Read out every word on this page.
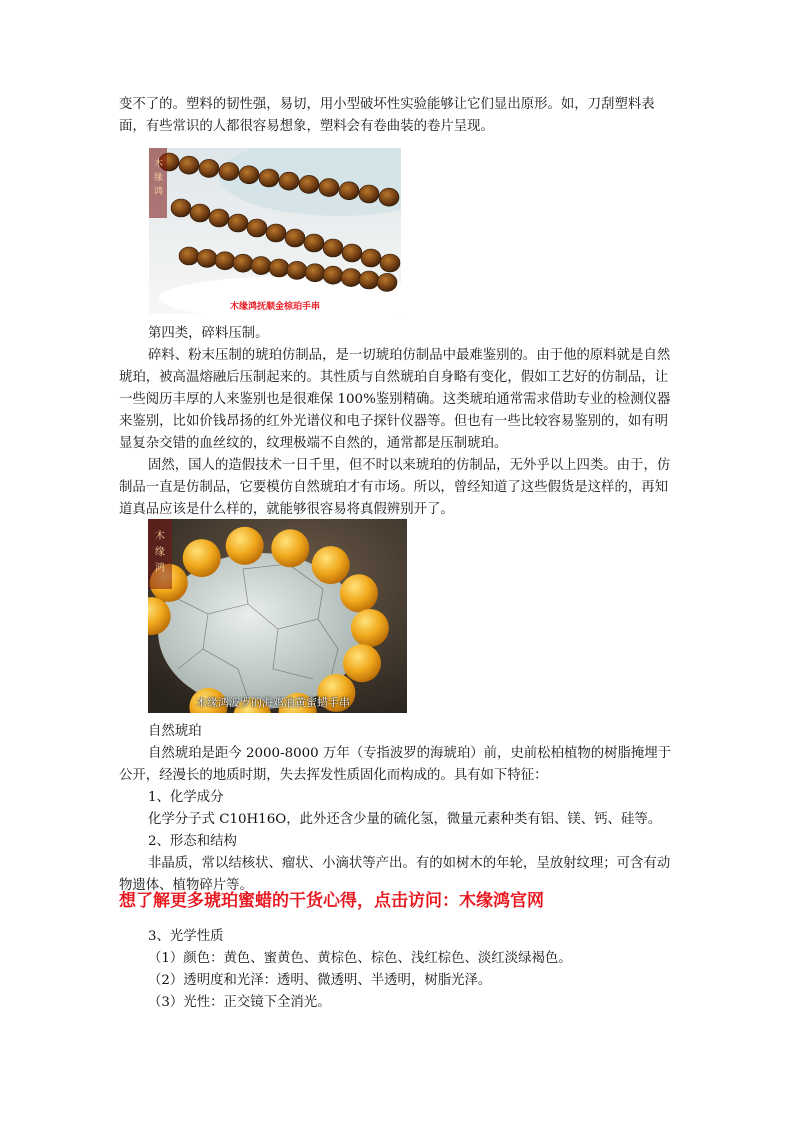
变不了的。塑料的韧性强，易切，用小型破坏性实验能够让它们显出原形。如，刀刮塑料表面，有些常识的人都很容易想象，塑料会有卷曲装的卷片呈现。

木
缘
鸿
木缘鸿抚顺金棕珀手串

第四类，碎料压制。

碎料、粉末压制的琥珀仿制品，是一切琥珀仿制品中最难鉴别的。由于他的原料就是自然琥珀，被高温熔融后压制起来的。其性质与自然琥珀自身略有变化，假如工艺好的仿制品，让一些阅历丰厚的人来鉴别也是很难保 100%鉴别精确。这类琥珀通常需求借助专业的检测仪器来鉴别，比如价钱昂扬的红外光谱仪和电子探针仪器等。但也有一些比较容易鉴别的，如有明显复杂交错的血丝纹的，纹理极端不自然的，通常都是压制琥珀。

固然，国人的造假技术一日千里，但不时以来琥珀的仿制品，无外乎以上四类。由于，仿制品一直是仿制品，它要模仿自然琥珀才有市场。所以，曾经知道了这些假货是这样的，再知道真品应该是什么样的，就能够很容易将真假辨别开了。

木
缘
鸿
木缘鸿波罗的海鸡油黄蜜蜡手串

自然琥珀

自然琥珀是距今 2000-8000 万年（专指波罗的海琥珀）前，史前松柏植物的树脂掩埋于公开，经漫长的地质时期，失去挥发性质固化而构成的。具有如下特征：

1、化学成分

化学分子式 C10H16O，此外还含少量的硫化氢，微量元素种类有铝、镁、钙、硅等。

2、形态和结构

非晶质，常以结核状、瘤状、小滴状等产出。有的如树木的年轮，呈放射纹理；可含有动物遗体、植物碎片等。

想了解更多琥珀蜜蜡的干货心得，点击访问：木缘鸿官网

3、光学性质

（1）颜色：黄色、蜜黄色、黄棕色、棕色、浅红棕色、淡红淡绿褐色。

（2）透明度和光泽：透明、微透明、半透明，树脂光泽。

（3）光性：正交镜下全消光。
